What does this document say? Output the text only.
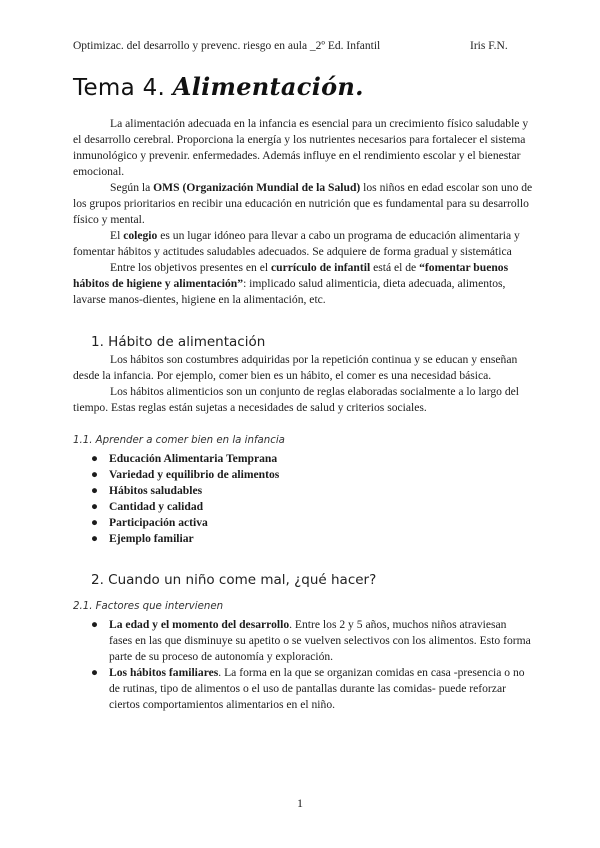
Optimizac. del desarrollo y prevenc. riesgo en aula _2º Ed. Infantil	Iris F.N.
Tema 4. Alimentación.

La alimentación adecuada en la infancia es esencial para un crecimiento físico saludable y el desarrollo cerebral. Proporciona la energía y los nutrientes necesarios para fortalecer el sistema inmunológico y prevenir. enfermedades. Además influye en el rendimiento escolar y el bienestar emocional.

Según la OMS (Organización Mundial de la Salud) los niños en edad escolar son uno de los grupos prioritarios en recibir una educación en nutrición que es fundamental para su desarrollo físico y mental.

El colegio es un lugar idóneo para llevar a cabo un programa de educación alimentaria y fomentar hábitos y actitudes saludables adecuados. Se adquiere de forma gradual y sistemática

Entre los objetivos presentes en el currículo de infantil está el de “fomentar buenos hábitos de higiene y alimentación”: implicado salud alimenticia, dieta adecuada, alimentos, lavarse manos-dientes, higiene en la alimentación, etc.

1. Hábito de alimentación

Los hábitos son costumbres adquiridas por la repetición continua y se educan y enseñan desde la infancia. Por ejemplo, comer bien es un hábito, el comer es una necesidad básica.

Los hábitos alimenticios son un conjunto de reglas elaboradas socialmente a lo largo del tiempo. Estas reglas están sujetas a necesidades de salud y criterios sociales.

1.1. Aprender a comer bien en la infancia
● Educación Alimentaria Temprana
● Variedad y equilibrio de alimentos
● Hábitos saludables
● Cantidad y calidad
● Participación activa
● Ejemplo familiar
2. Cuando un niño come mal, ¿qué hacer?
2.1. Factores que intervienen
● La edad y el momento del desarrollo. Entre los 2 y 5 años, muchos niños atraviesan fases en las que disminuye su apetito o se vuelven selectivos con los alimentos. Esto forma parte de su proceso de autonomía y exploración.
● Los hábitos familiares. La forma en la que se organizan comidas en casa -presencia o no de rutinas, tipo de alimentos o el uso de pantallas durante las comidas- puede reforzar ciertos comportamientos alimentarios en el niño.
1
